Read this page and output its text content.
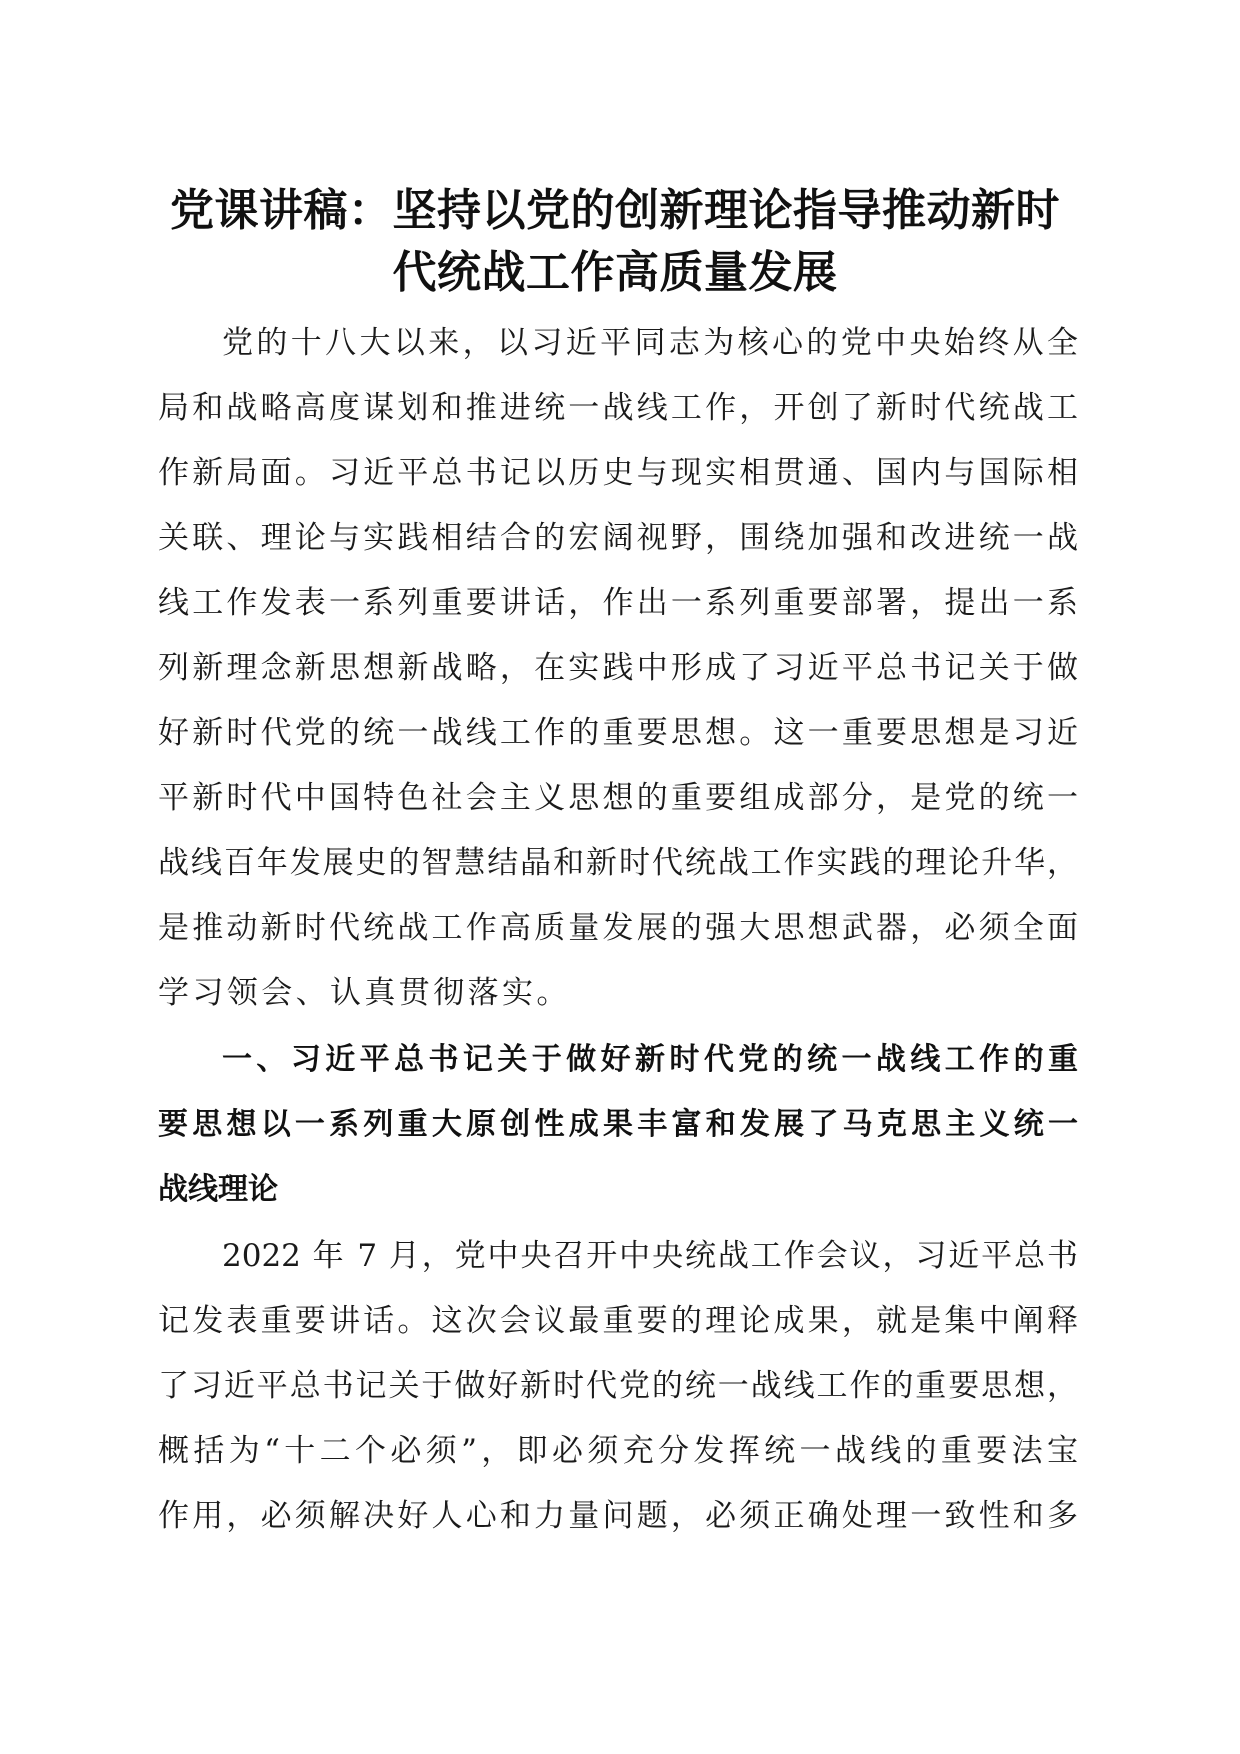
党课讲稿：坚持以党的创新理论指导推动新时
代统战工作高质量发展
党的十八大以来，以习近平同志为核心的党中央始终从全
局和战略高度谋划和推进统一战线工作，开创了新时代统战工
作新局面。习近平总书记以历史与现实相贯通、国内与国际相
关联、理论与实践相结合的宏阔视野，围绕加强和改进统一战
线工作发表一系列重要讲话，作出一系列重要部署，提出一系
列新理念新思想新战略，在实践中形成了习近平总书记关于做
好新时代党的统一战线工作的重要思想。这一重要思想是习近
平新时代中国特色社会主义思想的重要组成部分，是党的统一
战线百年发展史的智慧结晶和新时代统战工作实践的理论升华，
是推动新时代统战工作高质量发展的强大思想武器，必须全面
学习领会、认真贯彻落实。
一、习近平总书记关于做好新时代党的统一战线工作的重
要思想以一系列重大原创性成果丰富和发展了马克思主义统一
战线理论
2022 年 7 月，党中央召开中央统战工作会议，习近平总书
记发表重要讲话。这次会议最重要的理论成果，就是集中阐释
了习近平总书记关于做好新时代党的统一战线工作的重要思想，
概括为“十二个必须”，即必须充分发挥统一战线的重要法宝
作用，必须解决好人心和力量问题，必须正确处理一致性和多
